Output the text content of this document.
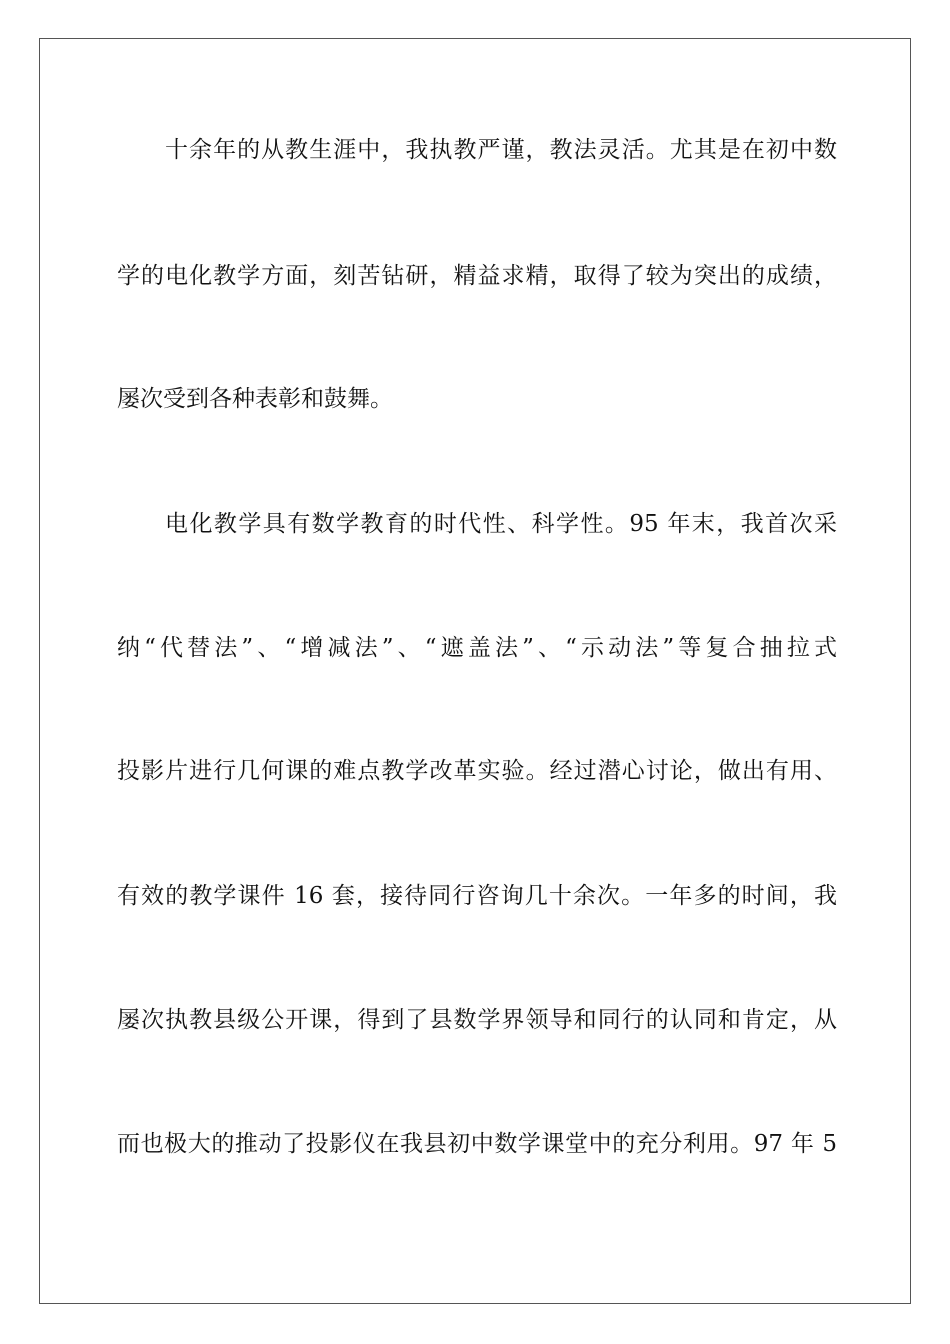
十余年的从教生涯中，我执教严谨，教法灵活。尤其是在初中数
学的电化教学方面，刻苦钻研，精益求精，取得了较为突出的成绩，
屡次受到各种表彰和鼓舞。
电化教学具有数学教育的时代性、科学性。95 年末，我首次采
纳“代替法”、“增减法”、“遮盖法”、“示动法”等复合抽拉式
投影片进行几何课的难点教学改革实验。经过潜心讨论，做出有用、
有效的教学课件 16 套，接待同行咨询几十余次。一年多的时间，我
屡次执教县级公开课，得到了县数学界领导和同行的认同和肯定，从
而也极大的推动了投影仪在我县初中数学课堂中的充分利用。97 年 5
